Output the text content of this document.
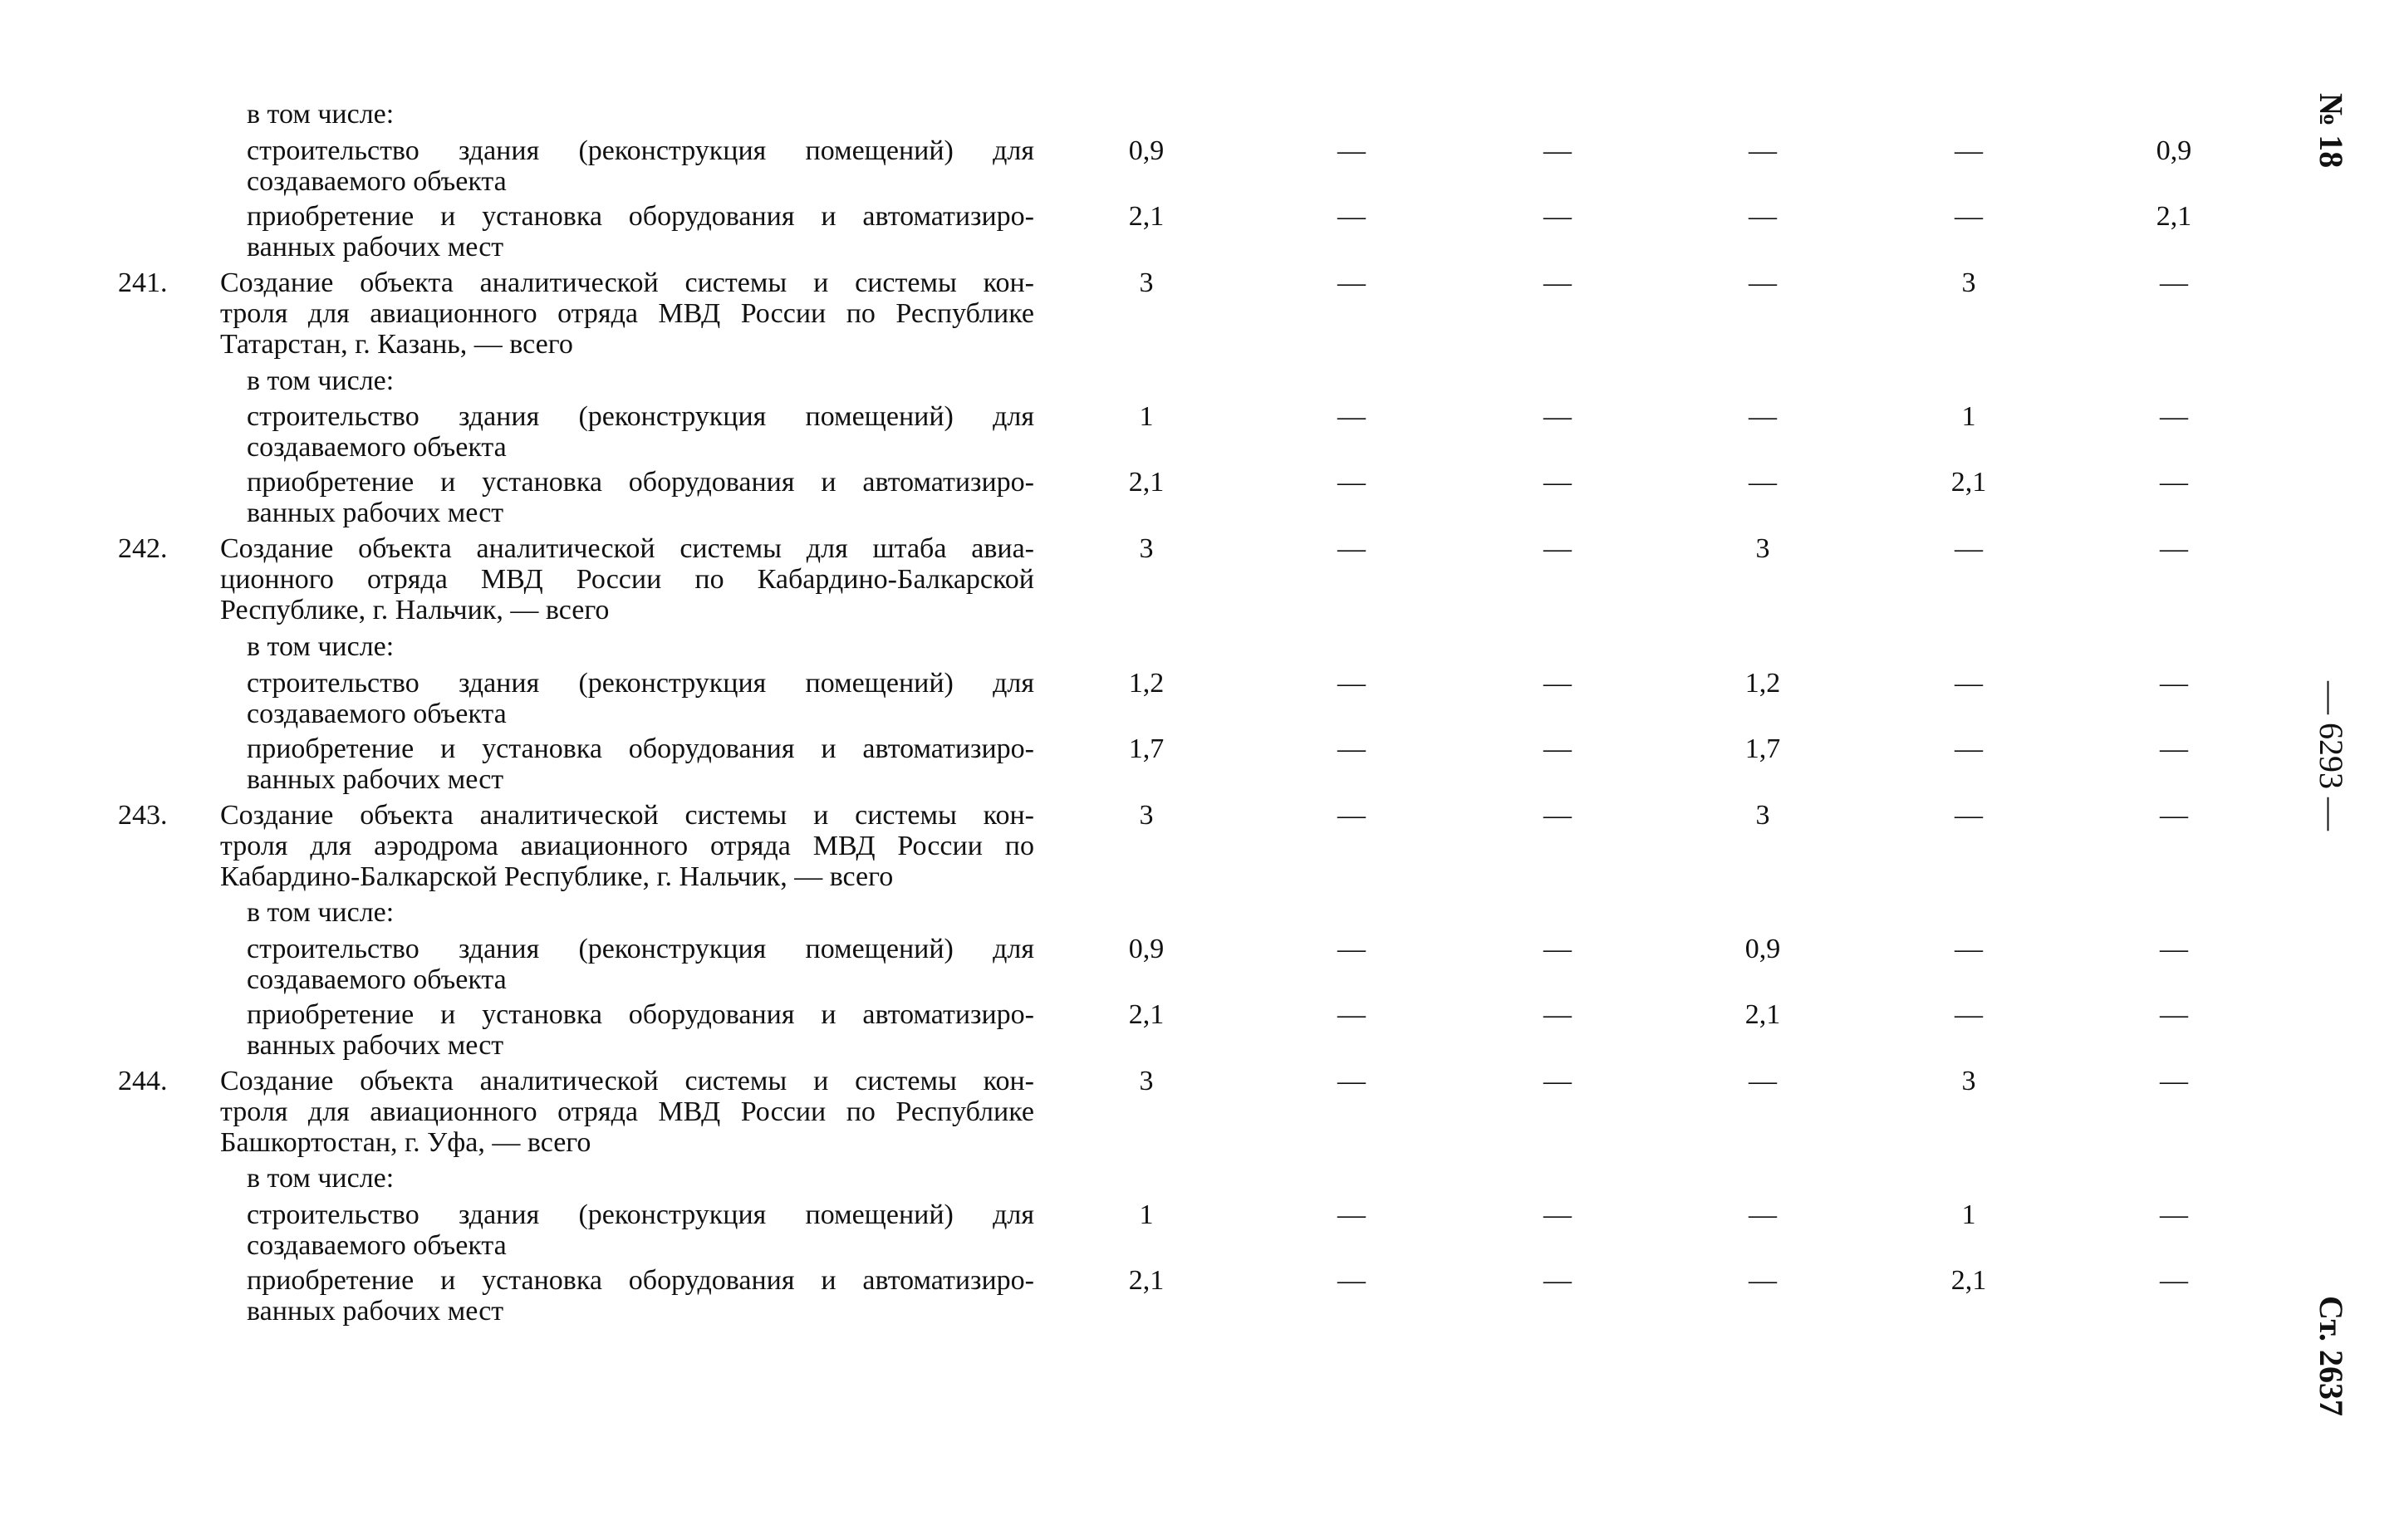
в том числе:
строительство здания (реконструкция помещений) для
создаваемого объекта
0,9	—	—	—	—	0,9
приобретение и установка оборудования и автоматизиро-
ванных рабочих мест
2,1	—	—	—	—	2,1
241. Создание объекта аналитической системы и системы кон-
троля для авиационного отряда МВД России по Республике
Татарстан, г. Казань, — всего
3	—	—	—	3	—
в том числе:
строительство здания (реконструкция помещений) для
создаваемого объекта
1	—	—	—	1	—
приобретение и установка оборудования и автоматизиро-
ванных рабочих мест
2,1	—	—	—	2,1	—
242. Создание объекта аналитической системы для штаба авиа-
ционного отряда МВД России по Кабардино-Балкарской
Республике, г. Нальчик, — всего
3	—	—	3	—	—
в том числе:
строительство здания (реконструкция помещений) для
создаваемого объекта
1,2	—	—	1,2	—	—
приобретение и установка оборудования и автоматизиро-
ванных рабочих мест
1,7	—	—	1,7	—	—
243. Создание объекта аналитической системы и системы кон-
троля для аэродрома авиационного отряда МВД России по
Кабардино-Балкарской Республике, г. Нальчик, — всего
3	—	—	3	—	—
в том числе:
строительство здания (реконструкция помещений) для
создаваемого объекта
0,9	—	—	0,9	—	—
приобретение и установка оборудования и автоматизиро-
ванных рабочих мест
2,1	—	—	2,1	—	—
244. Создание объекта аналитической системы и системы кон-
троля для авиационного отряда МВД России по Республике
Башкортостан, г. Уфа, — всего
3	—	—	—	3	—
в том числе:
строительство здания (реконструкция помещений) для
создаваемого объекта
1	—	—	—	1	—
приобретение и установка оборудования и автоматизиро-
ванных рабочих мест
2,1	—	—	—	2,1	—
№ 18
— 6293 —
Ст. 2637
